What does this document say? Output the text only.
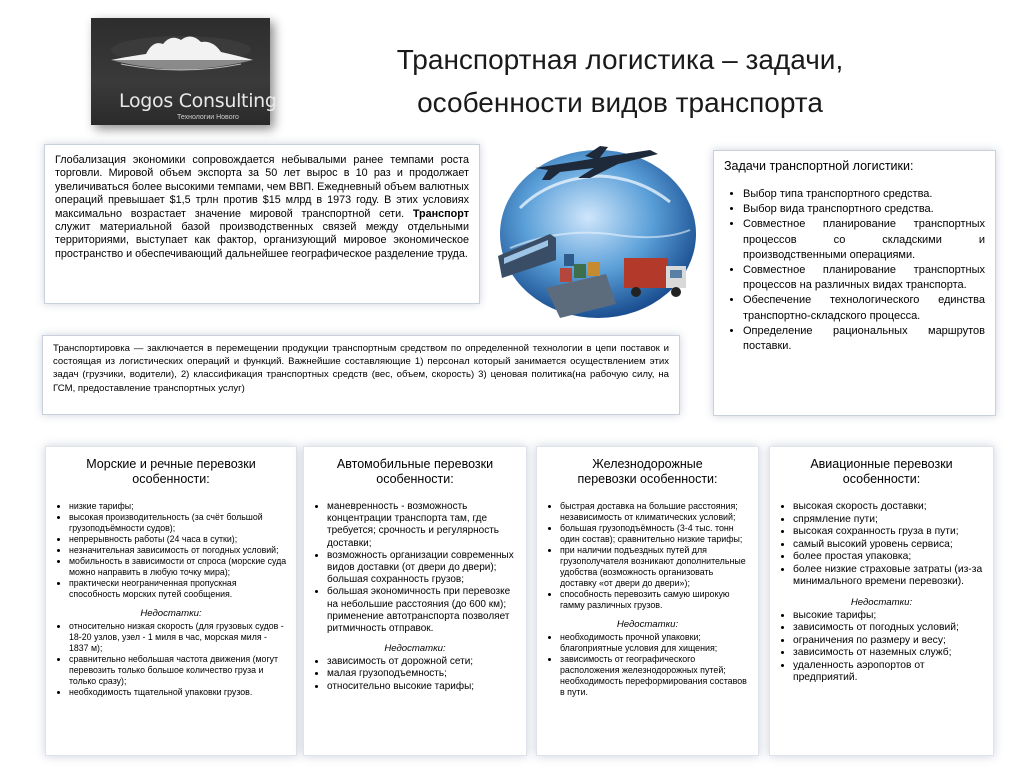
Logos Consulting
Технологии Нового
Транспортная логистика – задачи,
особенности видов транспорта
Глобализация экономики сопровождается небывалыми ранее темпами роста торговли. Мировой объем экспорта за 50 лет вырос в 10 раз и продолжает увеличиваться более высокими темпами, чем ВВП. Ежедневный объем валютных операций превышает $1,5 трлн против $15 млрд в 1973 году. В этих условиях максимально возрастает значение мировой транспортной сети. Транспорт служит материальной базой производственных связей между отдельными территориями, выступает как фактор, организующий мировое экономическое пространство и обеспечивающий дальнейшее географическое разделение труда.
Задачи транспортной логистики:
• Выбор типа транспортного средства.
• Выбор вида транспортного средства.
• Совместное планирование транспортных процессов со складскими и производственными операциями.
• Совместное планирование транспортных процессов на различных видах транспорта.
• Обеспечение технологического единства транспортно-складского процесса.
• Определение рациональных маршрутов поставки.
Транспортировка — заключается в перемещении продукции транспортным средством по определенной технологии в цепи поставок и состоящая из логистических операций и функций. Важнейшие составляющие 1) персонал который занимается осуществлением этих задач (грузчики, водители), 2) классификация транспортных средств (вес, объем, скорость) 3) ценовая политика(на рабочую силу, на ГСМ, предоставление транспортных услуг)
Морские и речные перевозки
особенности:
• низкие тарифы;
• высокая производительность (за счёт большой грузоподъёмности судов);
• непрерывность работы (24 часа в сутки);
• незначительная зависимость от погодных условий;
• мобильность в зависимости от спроса (морские суда можно направить в любую точку мира);
• практически неограниченная пропускная способность морских путей сообщения.
Недостатки:
• относительно низкая скорость (для грузовых судов - 18-20 узлов, узел - 1 миля в час, морская миля - 1837 м);
• сравнительно небольшая частота движения (могут перевозить только большое количество груза и только сразу);
• необходимость тщательной упаковки грузов.
Автомобильные перевозки
особенности:
• маневренность - возможность концентрации транспорта там, где требуется; срочность и регулярность доставки;
• возможность организации современных видов доставки (от двери до двери); большая сохранность грузов;
• большая экономичность при перевозке на небольшие расстояния (до 600 км); применение автотранспорта позволяет ритмичность отправок.
Недостатки:
• зависимость от дорожной сети;
• малая грузоподъемность;
• относительно высокие тарифы;
Железнодорожные
перевозки особенности:
• быстрая доставка на большие расстояния; независимость от климатических условий;
• большая грузоподъёмность (3-4 тыс. тонн один состав); сравнительно низкие тарифы;
• при наличии подъездных путей для грузополучателя возникают дополнительные удобства (возможность организовать доставку «от двери до двери»);
• способность перевозить самую широкую гамму различных грузов.
Недостатки:
• необходимость прочной упаковки; благоприятные условия для хищения;
• зависимость от географического расположения железнодорожных путей; необходимость переформирования составов в пути.
Авиационные перевозки
особенности:
• высокая скорость доставки;
• спрямление пути;
• высокая сохранность груза в пути;
• самый высокий уровень сервиса;
• более простая упаковка;
• более низкие страховые затраты (из-за минимального времени перевозки).
Недостатки:
• высокие тарифы;
• зависимость от погодных условий;
• ограничения по размеру и весу;
• зависимость от наземных служб;
• удаленность аэропортов от предприятий.
